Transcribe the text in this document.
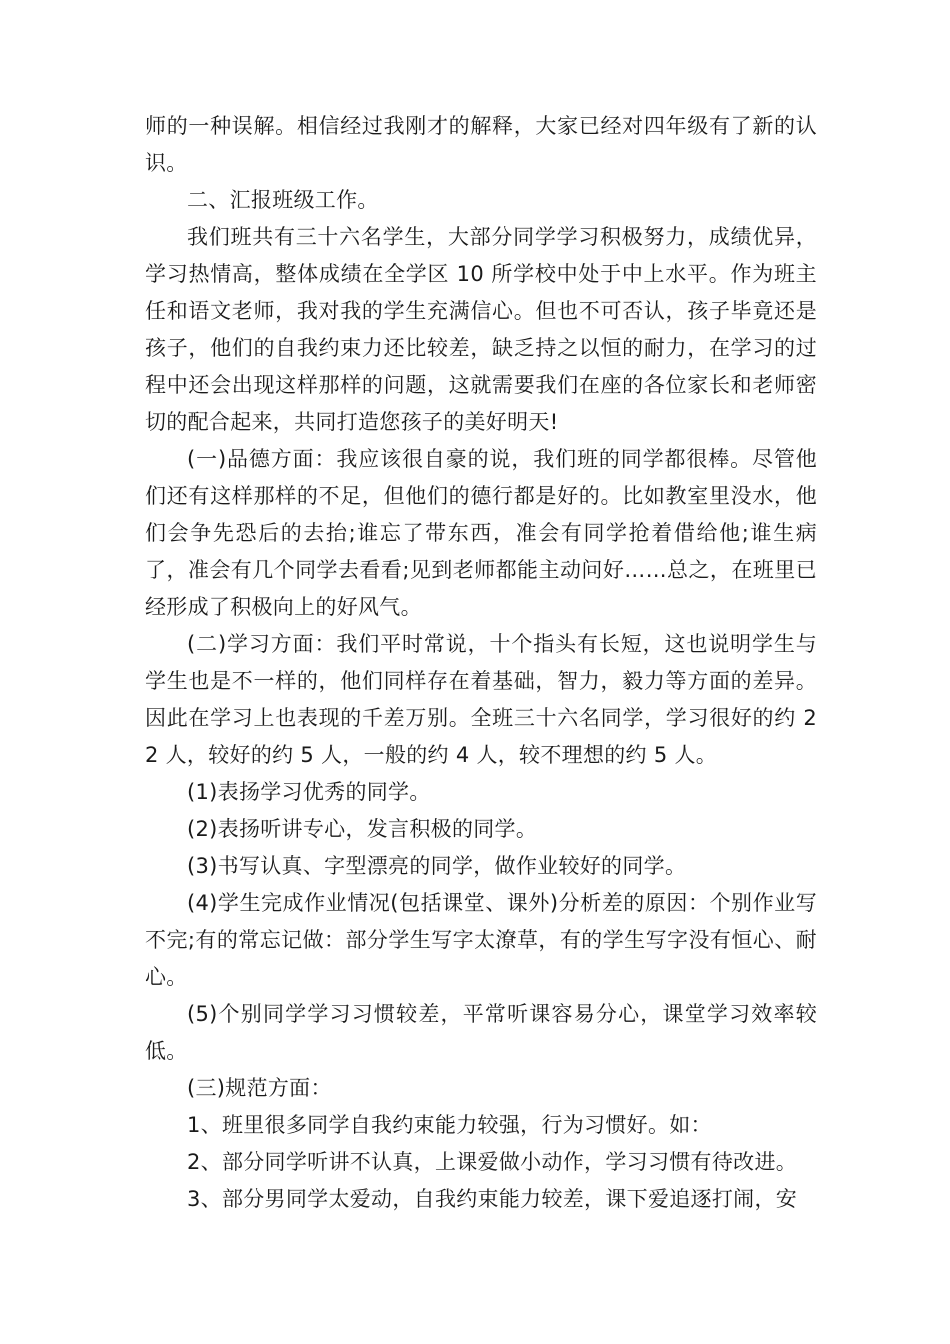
师的一种误解。相信经过我刚才的解释，大家已经对四年级有了新的认识。

二、汇报班级工作。

我们班共有三十六名学生，大部分同学学习积极努力，成绩优异，学习热情高，整体成绩在全学区 10 所学校中处于中上水平。作为班主任和语文老师，我对我的学生充满信心。但也不可否认，孩子毕竟还是孩子，他们的自我约束力还比较差，缺乏持之以恒的耐力，在学习的过程中还会出现这样那样的问题，这就需要我们在座的各位家长和老师密切的配合起来，共同打造您孩子的美好明天!

(一)品德方面：我应该很自豪的说，我们班的同学都很棒。尽管他们还有这样那样的不足，但他们的德行都是好的。比如教室里没水，他们会争先恐后的去抬;谁忘了带东西，准会有同学抢着借给他;谁生病了，准会有几个同学去看看;见到老师都能主动问好……总之，在班里已经形成了积极向上的好风气。

(二)学习方面：我们平时常说，十个指头有长短，这也说明学生与学生也是不一样的，他们同样存在着基础，智力，毅力等方面的差异。因此在学习上也表现的千差万别。全班三十六名同学，学习很好的约 22 人，较好的约 5 人，一般的约 4 人，较不理想的约 5 人。

(1)表扬学习优秀的同学。

(2)表扬听讲专心，发言积极的同学。

(3)书写认真、字型漂亮的同学，做作业较好的同学。

(4)学生完成作业情况(包括课堂、课外)分析差的原因：个别作业写不完;有的常忘记做：部分学生写字太潦草，有的学生写字没有恒心、耐心。

(5)个别同学学习习惯较差，平常听课容易分心，课堂学习效率较低。

(三)规范方面：

1、班里很多同学自我约束能力较强，行为习惯好。如：

2、部分同学听讲不认真，上课爱做小动作，学习习惯有待改进。

3、部分男同学太爱动，自我约束能力较差，课下爱追逐打闹，安
